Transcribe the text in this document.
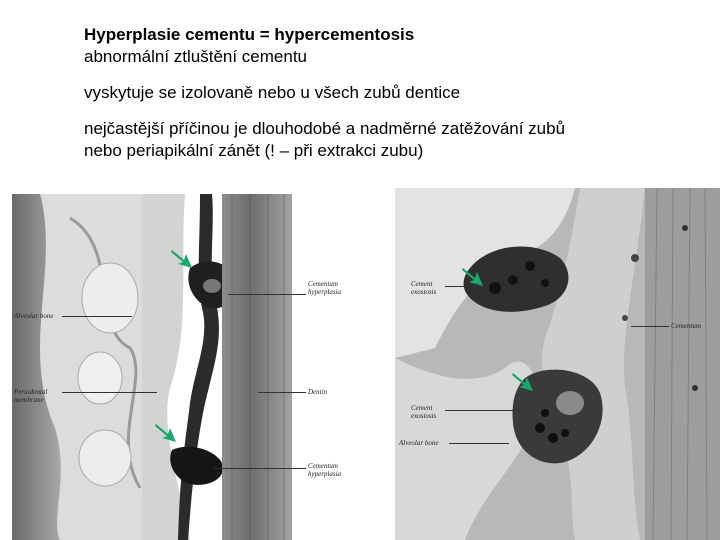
Hyperplasie cementu = hypercementosis
abnormální ztluštění cementu
vyskytuje se izolovaně nebo u všech zubů dentice
nejčastější příčinou je dlouhodobé a nadměrné zatěžování zubů
nebo periapikální zánět (! – při extrakci zubu)
Alveolar bone
Periodontal
membrane
Cementum
hyperplasia
Dentin
Cementum
hyperplasia
Cement
exostosis
Cementum
Cement
exostosis
Alveolar bone
